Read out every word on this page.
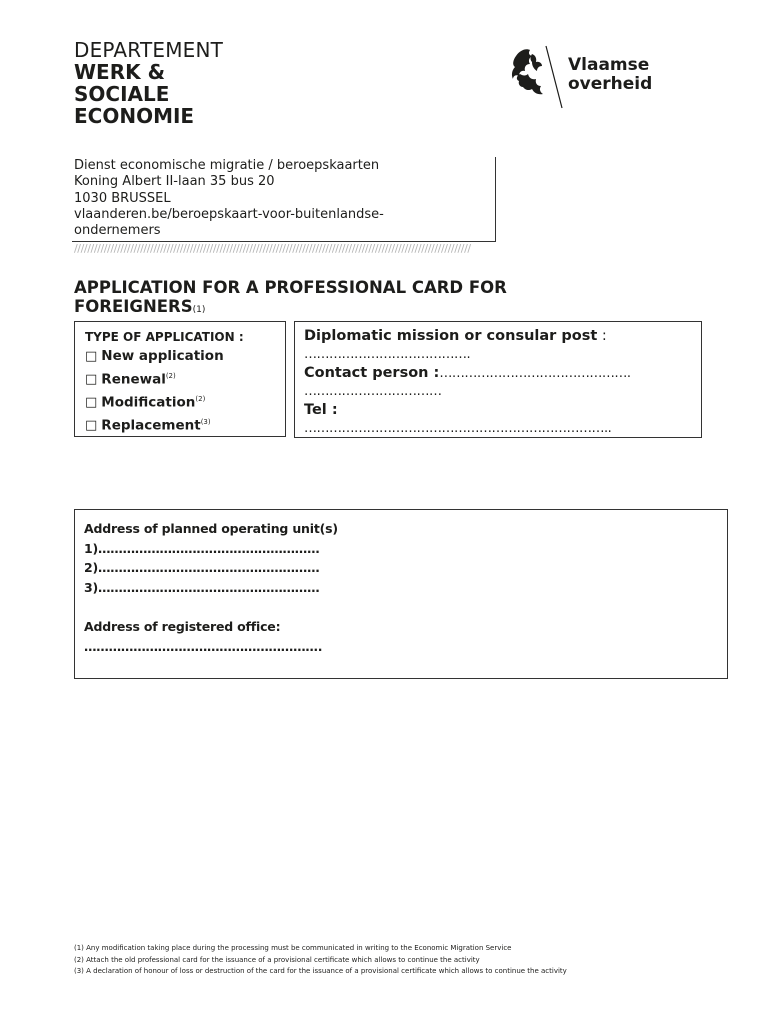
DEPARTEMENT
WERK &
SOCIALE
ECONOMIE
Vlaamse
overheid
Dienst economische migratie / beroepskaarten
Koning Albert II-laan 35 bus 20
1030 BRUSSEL
vlaanderen.be/beroepskaart-voor-buitenlandse-
ondernemers
////////////////////////////////////////////////////////////////////////////////////////////////////////////////////////
APPLICATION FOR A PROFESSIONAL CARD FOR FOREIGNERS(1)
TYPE OF APPLICATION :
□ New application
□ Renewal$^{(2)}$
□ Modification$^{(2)}$
□ Replacement$^{(3)}$
Diplomatic mission or consular post :
………………………………….
Contact person :……………………………………….
……………………………
Tel :
………………………………………………………………..
Address of planned operating unit(s)
1)………………………………………………
2)………………………………………………
3)………………………………………………
Address of registered office:
………………………………………………….
(1) Any modification taking place during the processing must be communicated in writing to the Economic Migration Service
(2) Attach the old professional card for the issuance of a provisional certificate which allows to continue the activity
(3) A declaration of honour of loss or destruction of the card for the issuance of a provisional certificate which allows to continue the activity
